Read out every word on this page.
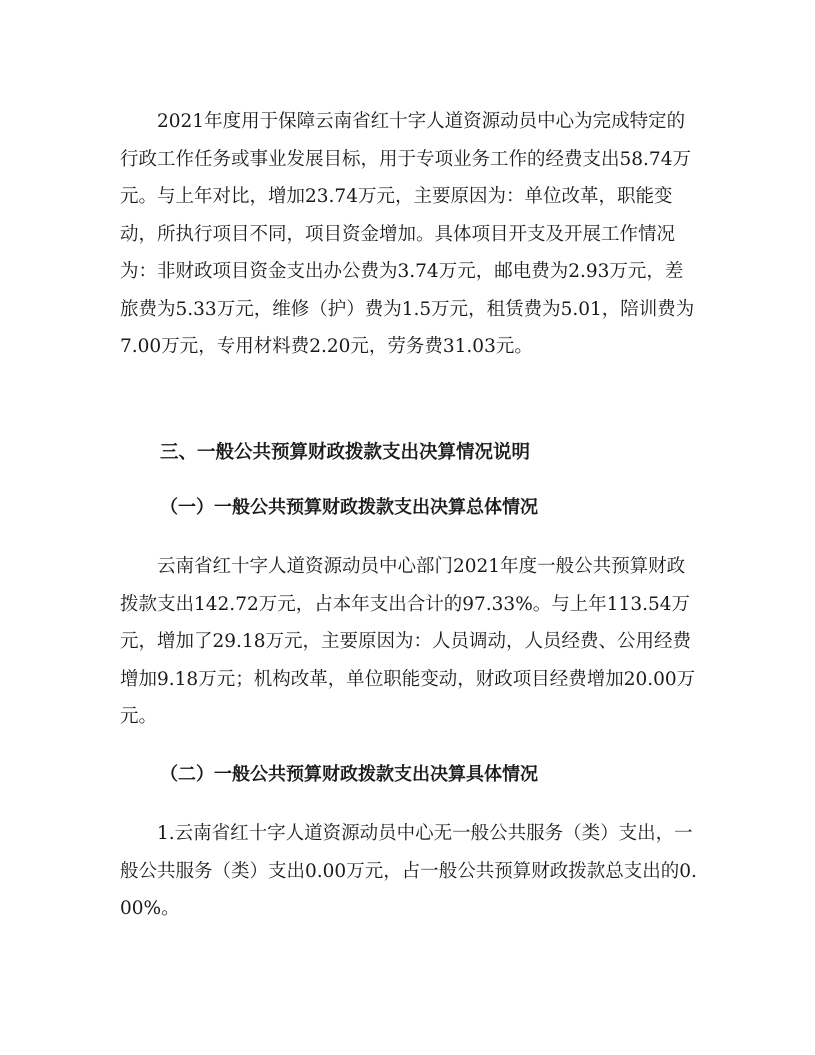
2021年度用于保障云南省红十字人道资源动员中心为完成特定的行政工作任务或事业发展目标，用于专项业务工作的经费支出58.74万元。与上年对比，增加23.74万元，主要原因为：单位改革，职能变动，所执行项目不同，项目资金增加。具体项目开支及开展工作情况为：非财政项目资金支出办公费为3.74万元，邮电费为2.93万元，差旅费为5.33万元，维修（护）费为1.5万元，租赁费为5.01，陪训费为7.00万元，专用材料费2.20元，劳务费31.03元。

三、一般公共预算财政拨款支出决算情况说明
（一）一般公共预算财政拨款支出决算总体情况

云南省红十字人道资源动员中心部门2021年度一般公共预算财政拨款支出142.72万元，占本年支出合计的97.33%。与上年113.54万元，增加了29.18万元，主要原因为：人员调动，人员经费、公用经费增加9.18万元；机构改革，单位职能变动，财政项目经费增加20.00万元。

（二）一般公共预算财政拨款支出决算具体情况

1.云南省红十字人道资源动员中心无一般公共服务（类）支出，一般公共服务（类）支出0.00万元，占一般公共预算财政拨款总支出的0.00%。
